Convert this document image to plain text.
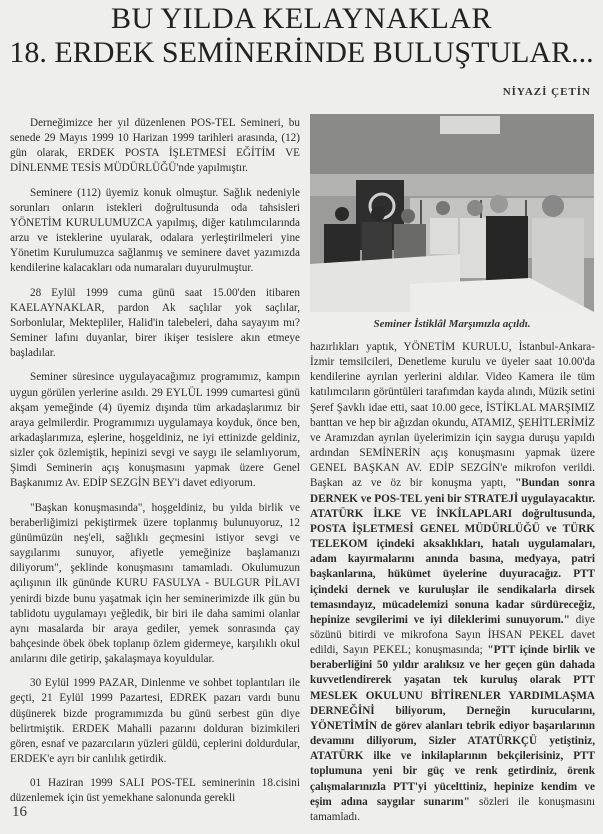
BU YILDA KELAYNAKLAR
18. ERDEK SEMİNERİNDE BULUŞTULAR...
NİYAZİ ÇETİN

Derneğimizce her yıl düzenlenen POS-TEL Semineri, bu senede 29 Mayıs 1999 10 Harizan 1999 tarihleri arasında, (12) gün olarak, ERDEK POSTA İŞLETMESİ EĞİTİM VE DİNLENME TESİS MÜDÜRLÜĞÜ'nde yapılmıştır.

Seminere (112) üyemiz konuk olmuştur. Sağlık nedeniyle sorunları onların istekleri doğrultusunda oda tahsisleri YÖNETİM KURULUMUZCA yapılmış, diğer katılımcılarında arzu ve isteklerine uyularak, odalara yerleştirilmeleri yine Yönetim Kurulumuzca sağlanmış ve seminere davet yazımızda kendilerine kalacakları oda numaraları duyurulmuştur.

28 Eylül 1999 cuma günü saat 15.00'den itibaren KAELAYNAKLAR, pardon Ak saçlılar yok saçlılar, Sorbonlular, Mektepliler, Halid'in talebeleri, daha sayayım mı? Seminer lafını duyanlar, birer ikişer tesislere akın etmeye başladılar.

Seminer süresince uygulayacağımız programımız, kampın uygun görülen yerlerine asıldı. 29 EYLÜL 1999 cumartesi günü akşam yemeğinde (4) üyemiz dışında tüm arkadaşlarımız bir araya gelmilerdir. Programımızı uygulamaya koyduk, önce ben, arkadaşlarımıza, eşlerine, hoşgeldiniz, ne iyi ettinizde geldiniz, sizler çok özlemiştik, hepinizi sevgi ve saygı ile selamlıyorum, Şimdi Seminerin açış konuşmasını yapmak üzere Genel Başkanımız Av. EDİP SEZGİN BEY'i davet ediyorum.

"Başkan konuşmasında", hoşgeldiniz, bu yılda birlik ve beraberliğimizi pekiştirmek üzere toplanmış bulunuyoruz, 12 günümüzün neş'eli, sağlıklı geçmesini istiyor sevgi ve saygılarımı sunuyor, afiyetle yemeğinize başlamanızı diliyorum", şeklinde konuşmasını tamamladı. Okulumuzun açılışının ilk gününde KURU FASULYA - BULGUR PİLAVI yenirdi bizde bunu yaşatmak için her seminerimizde ilk gün bu tablidotu uygulamayı yeğledik, bir biri ile daha samimi olanlar aynı masalarda bir araya gediler, yemek sonrasında çay bahçesinde öbek öbek toplanıp özlem gidermeye, karşılıklı okul anılarını dile getirip, şakalaşmaya koyuldular.

30 Eylül 1999 PAZAR, Dinlenme ve sohbet toplantıları ile geçti, 21 Eylül 1999 Pazartesi, EDREK pazarı vardı bunu düşünerek bizde programımızda bu günü serbest gün diye belirtmiştik. ERDEK Mahalli pazarını dolduran bizimkileri gören, esnaf ve pazarcıların yüzleri güldü, ceplerini doldurdular, ERDEK'e ayrı bir canlılık getirdik.

01 Haziran 1999 SALI POS-TEL seminerinin 18.cisini düzenlemek için üst yemekhane salonunda gerekli

Seminer İstiklâl Marşımızla açıldı.

hazırlıkları yaptık, YÖNETİM KURULU, İstanbul-Ankara-İzmir temsilcileri, Denetleme kurulu ve üyeler saat 10.00'da kendilerine ayrılan yerlerini aldılar. Video Kamera ile tüm katılımcıların görüntüleri tarafımdan kayda alındı, Müzik setini Şeref Şavklı idae etti, saat 10.00 gece, İSTİKLAL MARŞIMIZ banttan ve hep bir ağızdan okundu, ATAMIZ, ŞEHİTLERİMİZ ve Aramızdan ayrılan üyelerimizin için saygıa duruşu yapıldı ardından SEMİNERİN açış konuşmasını yapmak üzere GENEL BAŞKAN AV. EDİP SEZGİN'e mikrofon verildi. Başkan az ve öz bir konuşma yaptı, "Bundan sonra DERNEK ve POS-TEL yeni bir STRATEJİ uygulayacaktır. ATATÜRK İLKE VE İNKİLAPLARI doğrultusunda, POSTA İŞLETMESİ GENEL MÜDÜRLÜĞÜ ve TÜRK TELEKOM içindeki aksaklıkları, hatalı uygulamaları, adam kayırmalarını anında basına, medyaya, patri başkanlarına, hükümet üyelerine duyuracağız. PTT içindeki dernek ve kuruluşlar ile sendikalarla dirsek temasındayız, mücadelemizi sonuna kadar sürdüreceğiz, hepinize sevgilerimi ve iyi dileklerimi sunuyorum." diye sözünü bitirdi ve mikrofona Sayın İHSAN PEKEL davet edildi, Sayın PEKEL; konuşmasında; "PTT içinde birlik ve beraberliğini 50 yıldır aralıksız ve her geçen gün dahada kuvvetlendirerek yaşatan tek kuruluş olarak PTT MESLEK OKULUNU BİTİRENLER YARDIMLAŞMA DERNEĞİNİ biliyorum, Derneğin kurucularını, YÖNETİMİN de görev alanları tebrik ediyor başarılarının devamını diliyorum, Sizler ATATÜRKÇÜ yetiştiniz, ATATÜRK ilke ve inkilaplarının bekçilerisiniz, PTT toplumuna yeni bir güç ve renk getirdiniz, örenk çalışmalarınızla PTT'yi yücelttiniz, hepinize kendim ve eşim adına saygılar sunarım" sözleri ile konuşmasını tamamladı.

16
